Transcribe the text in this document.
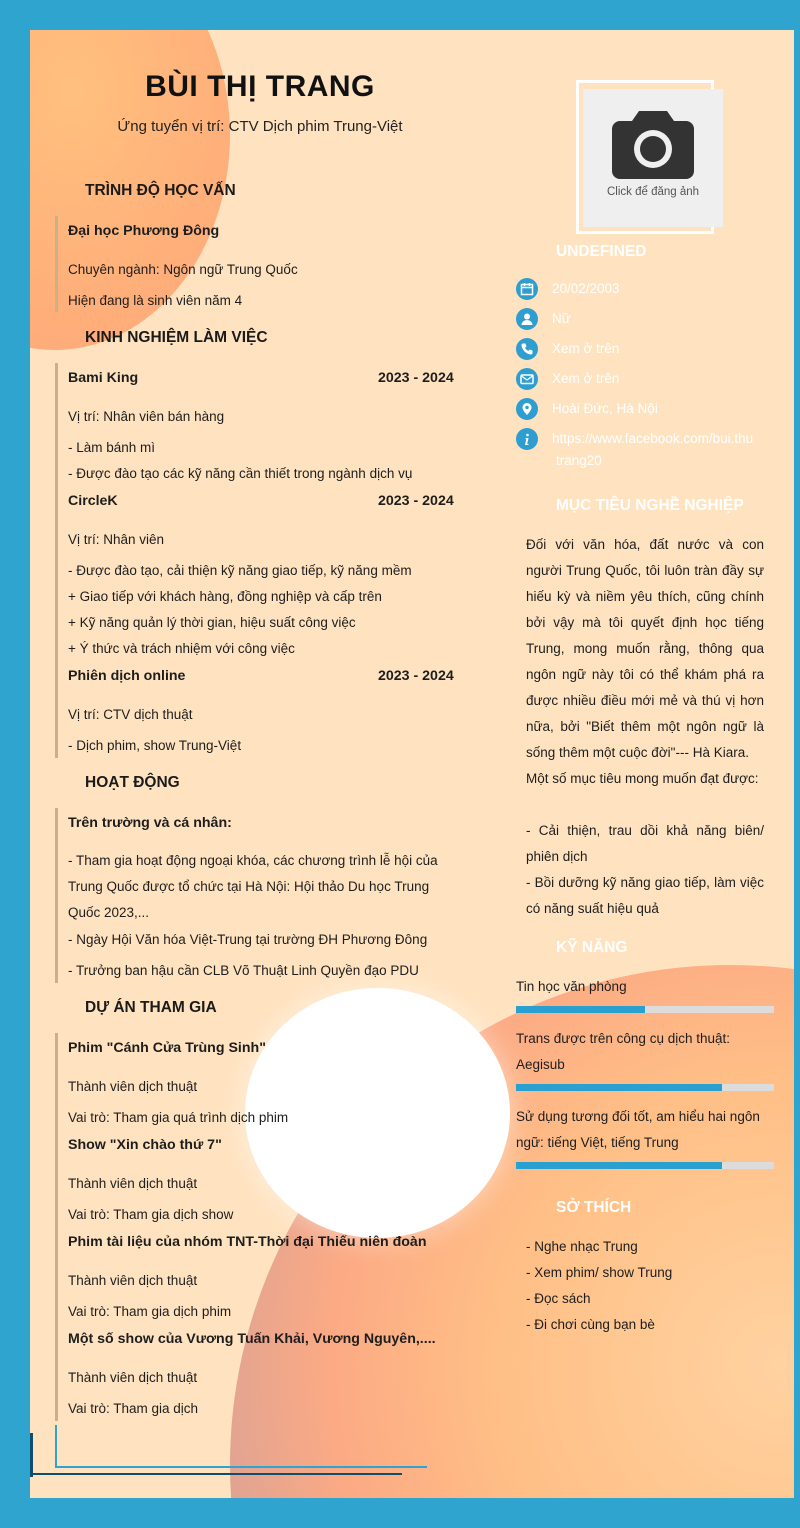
BÙI THỊ TRANG
Ứng tuyển vị trí: CTV Dịch phim Trung-Việt
TRÌNH ĐỘ HỌC VẤN
Đại học Phương Đông
Chuyên ngành: Ngôn ngữ Trung Quốc
Hiện đang là sinh viên năm 4
KINH NGHIỆM LÀM VIỆC
Bami King	2023 - 2024
Vị trí: Nhân viên bán hàng
- Làm bánh mì
- Được đào tạo các kỹ năng cần thiết trong ngành dịch vụ
CircleK	2023 - 2024
Vị trí: Nhân viên
- Được đào tạo, cải thiện kỹ năng giao tiếp, kỹ năng mềm
+ Giao tiếp với khách hàng, đồng nghiệp và cấp trên
+ Kỹ năng quản lý thời gian, hiệu suất công việc
+ Ý thức và trách nhiệm với công việc
Phiên dịch online	2023 - 2024
Vị trí: CTV dịch thuật
- Dịch phim, show Trung-Việt
HOẠT ĐỘNG
Trên trường và cá nhân:
- Tham gia hoạt động ngoại khóa, các chương trình lễ hội của Trung Quốc được tổ chức tại Hà Nội: Hội thảo Du học Trung Quốc 2023,...
- Ngày Hội Văn hóa Việt-Trung tại trường ĐH Phương Đông
- Trưởng ban hậu cần CLB Võ Thuật Linh Quyền đạo PDU
DỰ ÁN THAM GIA
Phim "Cánh Cửa Trùng Sinh"
Thành viên dịch thuật
Vai trò: Tham gia quá trình dịch phim
Show "Xin chào thứ 7"
Thành viên dịch thuật
Vai trò: Tham gia dịch show
Phim tài liệu của nhóm TNT-Thời đại Thiếu niên đoàn
Thành viên dịch thuật
Vai trò: Tham gia dịch phim
Một số show của Vương Tuấn Khải, Vương Nguyên,....
Thành viên dịch thuật
Vai trò: Tham gia dịch
Click để đăng ảnh
UNDEFINED
20/02/2003
Nữ
Xem ở trên
Xem ở trên
Hoài Đức, Hà Nội
https://www.facebook.com/bui.thu
trang20
MỤC TIÊU NGHỀ NGHIỆP
Đối với văn hóa, đất nước và con người Trung Quốc, tôi luôn tràn đầy sự hiếu kỳ và niềm yêu thích, cũng chính bởi vậy mà tôi quyết định học tiếng Trung, mong muốn rằng, thông qua ngôn ngữ này tôi có thể khám phá ra được nhiều điều mới mẻ và thú vị hơn nữa, bởi "Biết thêm một ngôn ngữ là sống thêm một cuộc đời"--- Hà Kiara.
Một số mục tiêu mong muốn đạt được:
- Cải thiện, trau dồi khả năng biên/ phiên dịch
- Bồi dưỡng kỹ năng giao tiếp, làm việc có năng suất hiệu quả
KỸ NĂNG
Tin học văn phòng
Trans được trên công cụ dịch thuật: Aegisub
Sử dụng tương đối tốt, am hiểu hai ngôn ngữ: tiếng Việt, tiếng Trung
SỞ THÍCH
- Nghe nhạc Trung
- Xem phim/ show Trung
- Đọc sách
- Đi chơi cùng bạn bè
